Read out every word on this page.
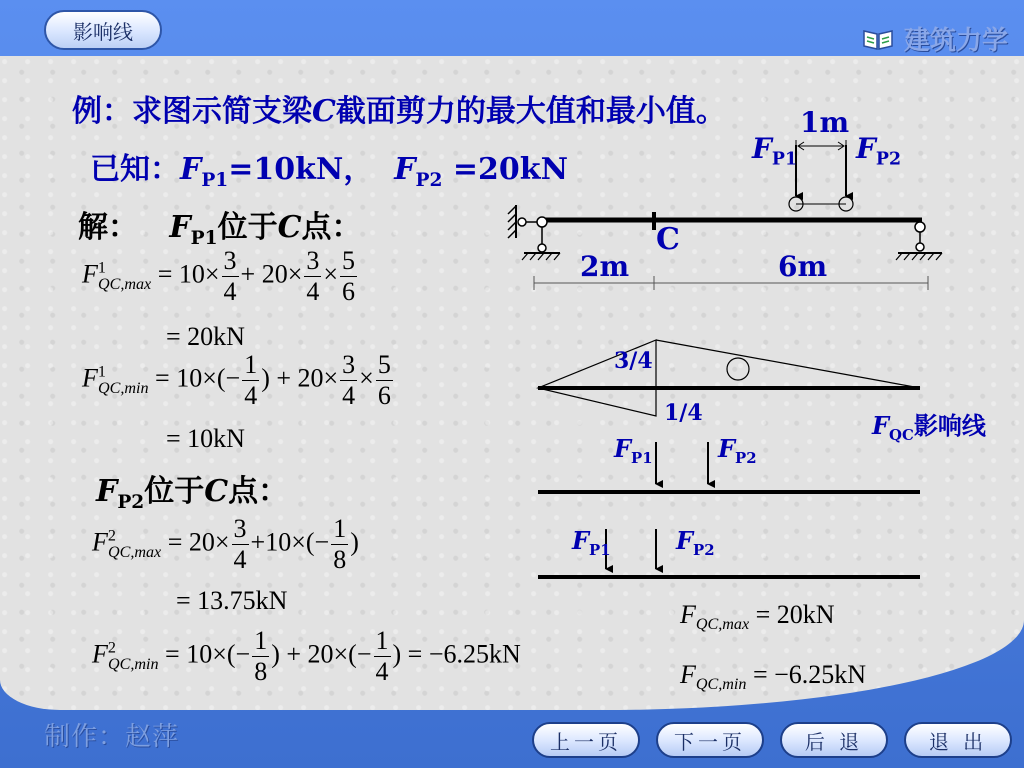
影响线	建筑力学
例：求图示简支梁C截面剪力的最大值和最小值。
已知：$F_{P1}=10kN$， $F_{P2} =20kN$
解： $F_{P1}$位于C点：
$F^1_{QC,max} = 10\times \frac{3}{4} + 20\times \frac{3}{4} \times \frac{5}{6}$
= 20kN
$F^1_{QC,min} = 10\times(- \frac{1}{4}$ ) + $20\times \frac{3}{4} \times \frac{5}{6}$
= 10kN
$F_{P2}$位于C点：
$F^2_{QC,max} = 20\times \frac{3}{4} +10\times(- \frac{1}{8}$ )
= 13.75kN
$F^2_{QC,min} = 10\times(- \frac{1}{8}$ ) + $20\times(- \frac{1}{4}$ ) = −6.25kN
$F_{QC,max} = 20kN$
$F_{QC,min} = -6.25kN$
1m
$F_{P1}$ $F_{P2}$
C
2m	6m
3/4
1/4	$F_{QC}$影响线
$F_{P1}$	$F_{P2}$
$F_{P1}$	$F_{P2}$
制作：赵萍	上一页	下一页	后 退	退 出
